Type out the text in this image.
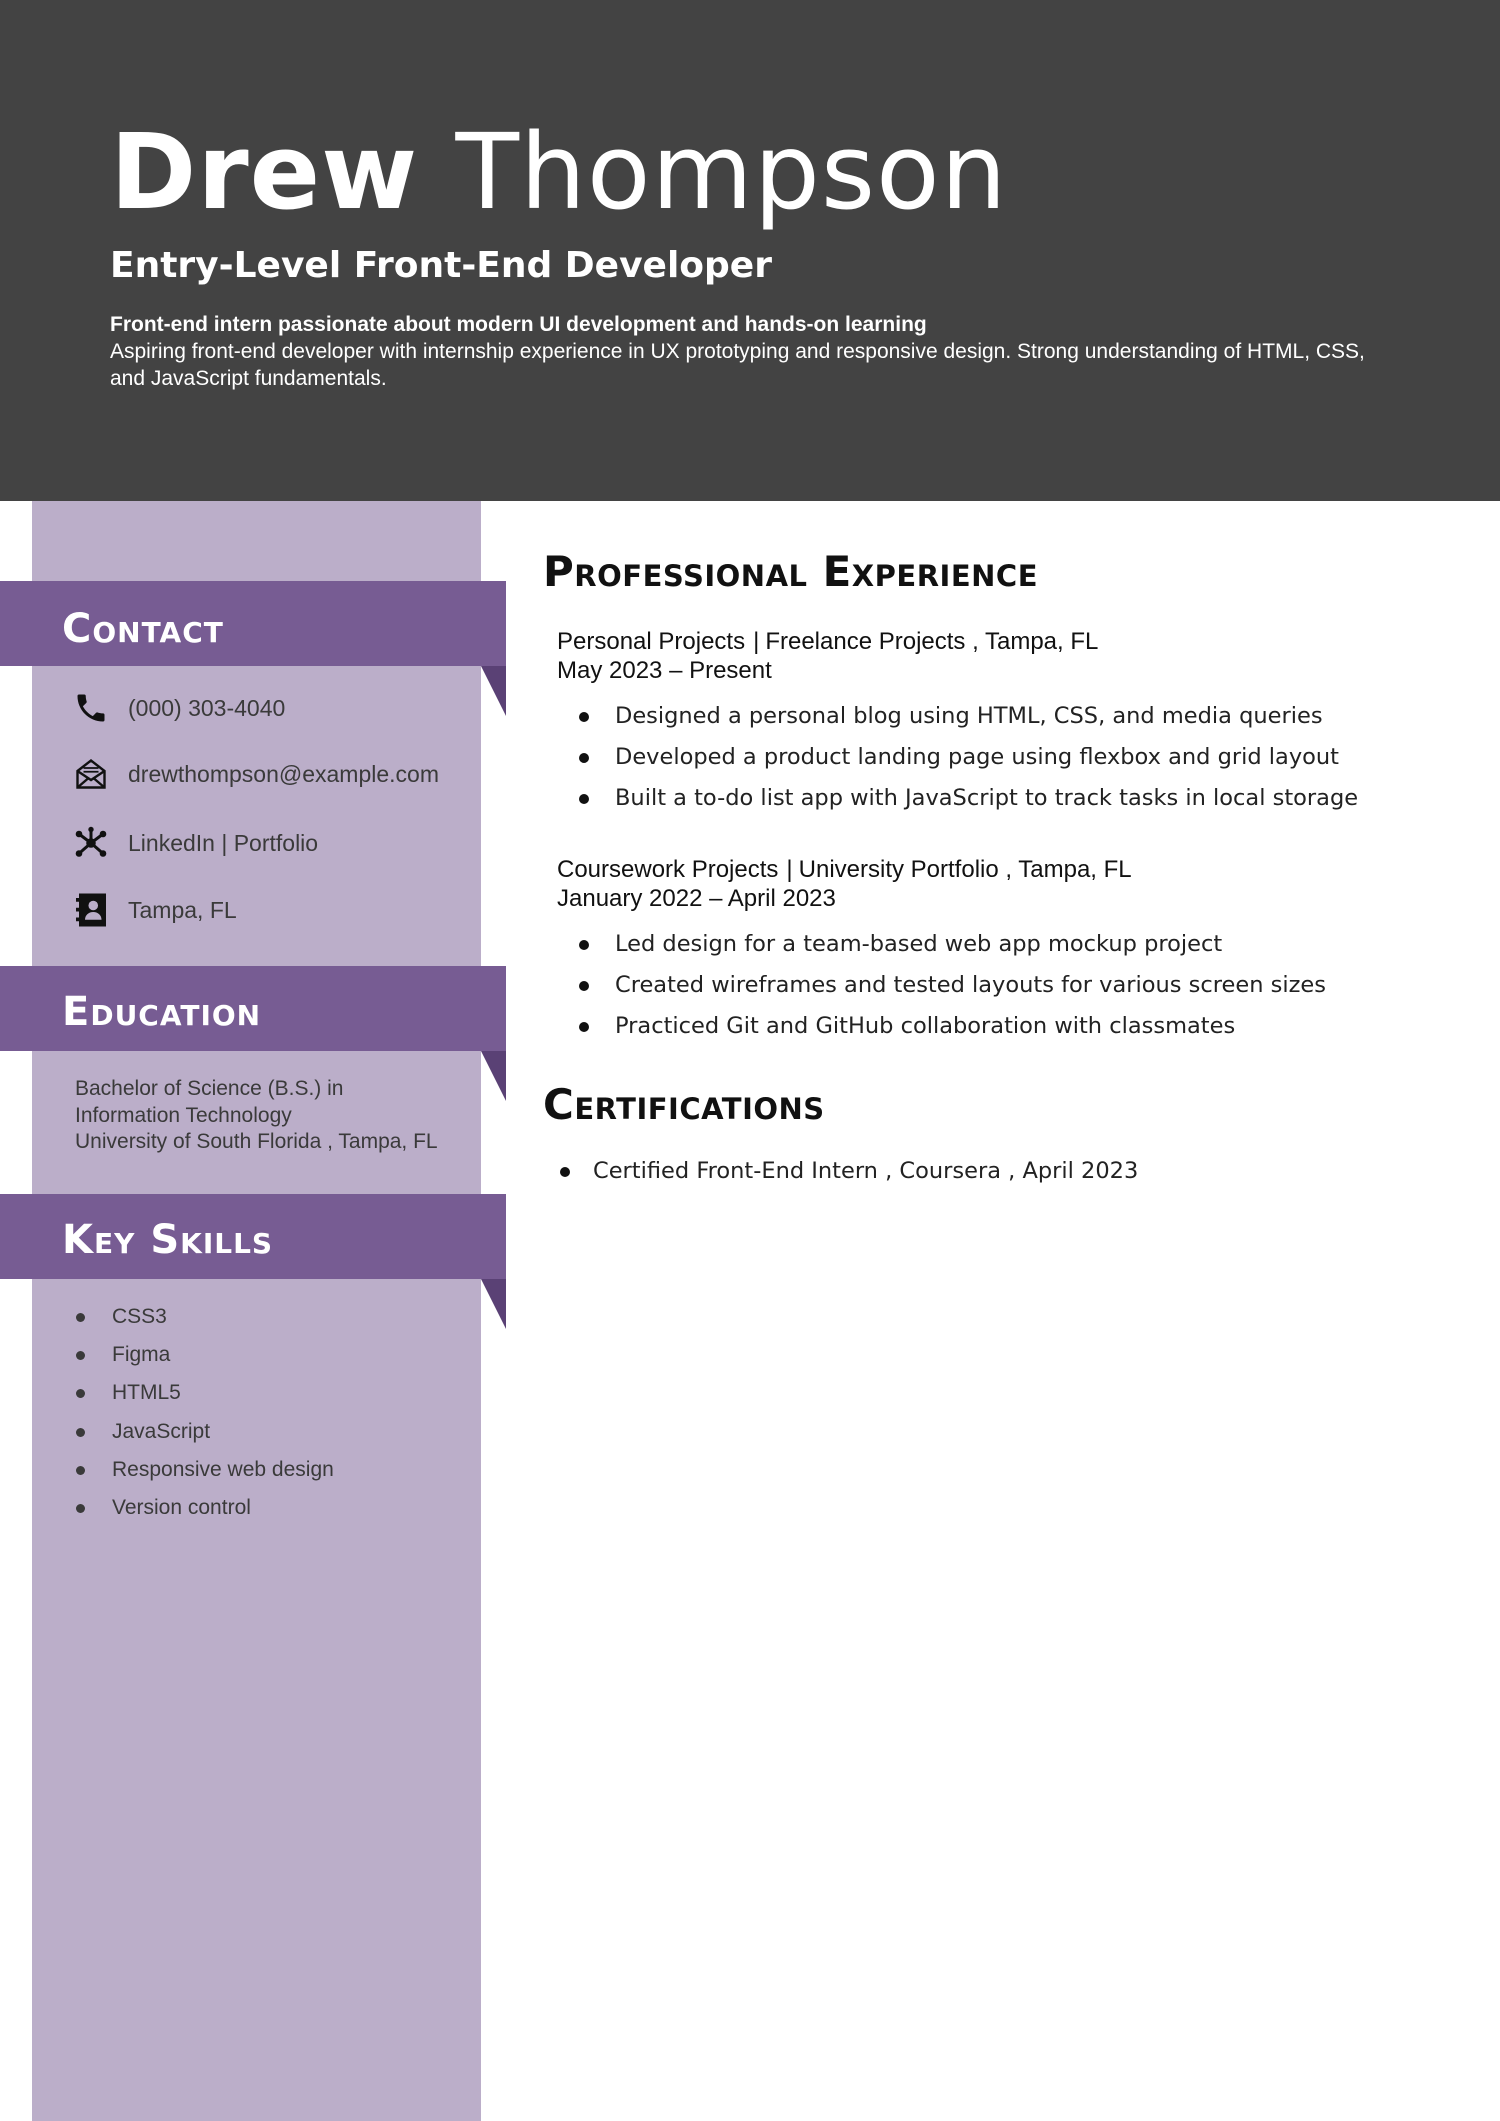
Drew Thompson
Entry-Level Front-End Developer
Front-end intern passionate about modern UI development and hands-on learning
Aspiring front-end developer with internship experience in UX prototyping and responsive design. Strong understanding of HTML, CSS, and JavaScript fundamentals.
Contact
(000) 303-4040
drewthompson@example.com
LinkedIn | Portfolio
Tampa, FL
Education
Bachelor of Science (B.S.) in
Information Technology
University of South Florida , Tampa, FL
Key Skills
CSS3
Figma
HTML5
JavaScript
Responsive web design
Version control
Professional Experience
Personal Projects | Freelance Projects , Tampa, FL
May 2023 – Present
Designed a personal blog using HTML, CSS, and media queries
Developed a product landing page using flexbox and grid layout
Built a to-do list app with JavaScript to track tasks in local storage
Coursework Projects | University Portfolio , Tampa, FL
January 2022 – April 2023
Led design for a team-based web app mockup project
Created wireframes and tested layouts for various screen sizes
Practiced Git and GitHub collaboration with classmates
Certifications
Certified Front-End Intern , Coursera , April 2023
